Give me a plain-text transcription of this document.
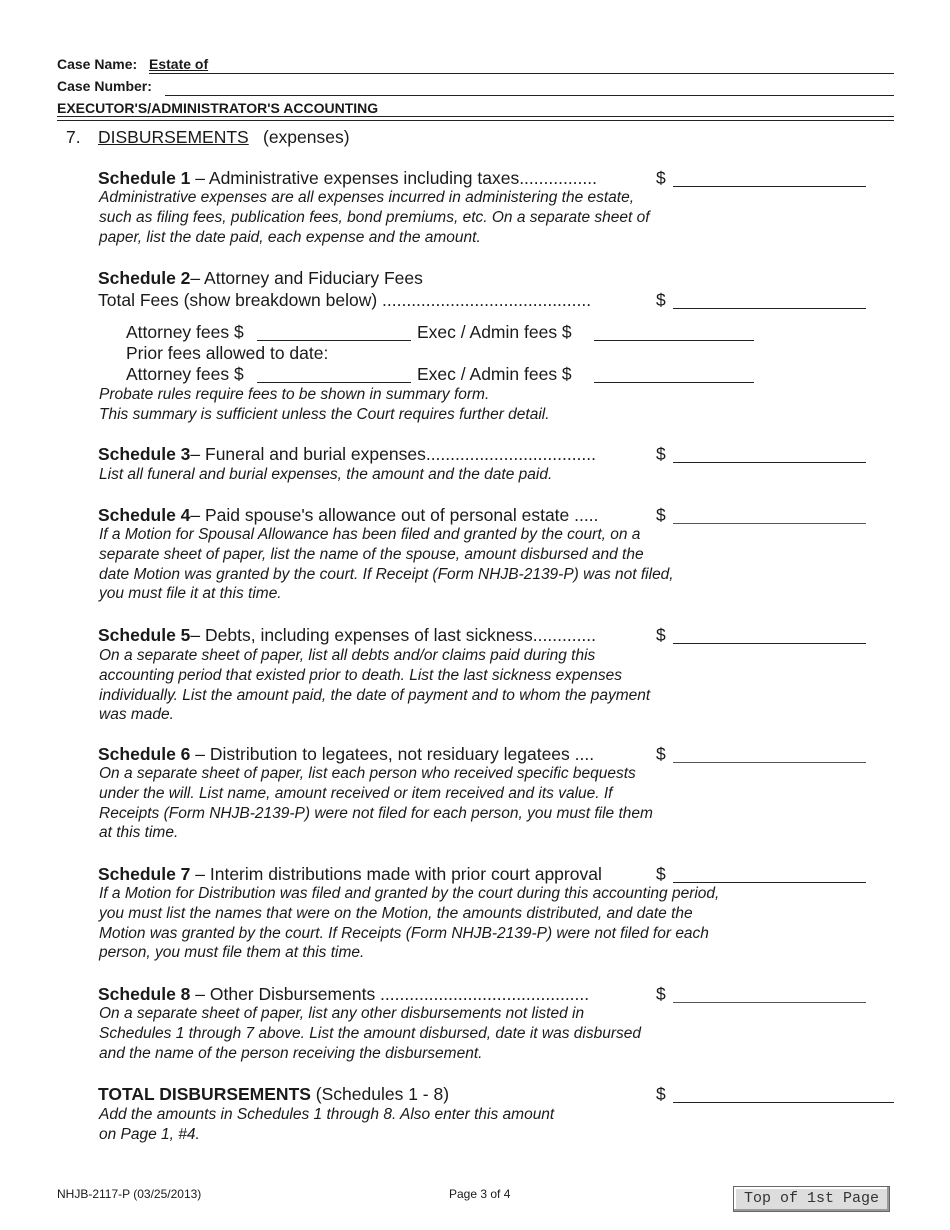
Case Name: Estate of
Case Number:
EXECUTOR'S/ADMINISTRATOR'S ACCOUNTING
7. DISBURSEMENTS (expenses)
Schedule 1 – Administrative expenses including taxes................	$
Administrative expenses are all expenses incurred in administering the estate, such as filing fees, publication fees, bond premiums, etc. On a separate sheet of paper, list the date paid, each expense and the amount.
Schedule 2– Attorney and Fiduciary Fees
Total Fees (show breakdown below) ...........................................	$
Attorney fees $	Exec / Admin fees $
Prior fees allowed to date:
Attorney fees $	Exec / Admin fees $
Probate rules require fees to be shown in summary form.
This summary is sufficient unless the Court requires further detail.
Schedule 3– Funeral and burial expenses...................................	$
List all funeral and burial expenses, the amount and the date paid.
Schedule 4– Paid spouse's allowance out of personal estate .....	$
If a Motion for Spousal Allowance has been filed and granted by the court, on a separate sheet of paper, list the name of the spouse, amount disbursed and the date Motion was granted by the court. If Receipt (Form NHJB-2139-P) was not filed, you must file it at this time.
Schedule 5– Debts, including expenses of last sickness.............	$
On a separate sheet of paper, list all debts and/or claims paid during this accounting period that existed prior to death. List the last sickness expenses individually. List the amount paid, the date of payment and to whom the payment was made.
Schedule 6 – Distribution to legatees, not residuary legatees ....	$
On a separate sheet of paper, list each person who received specific bequests under the will. List name, amount received or item received and its value. If Receipts (Form NHJB-2139-P) were not filed for each person, you must file them at this time.
Schedule 7 – Interim distributions made with prior court approval	$
If a Motion for Distribution was filed and granted by the court during this accounting period, you must list the names that were on the Motion, the amounts distributed, and date the Motion was granted by the court. If Receipts (Form NHJB-2139-P) were not filed for each person, you must file them at this time.
Schedule 8 – Other Disbursements ...........................................	$
On a separate sheet of paper, list any other disbursements not listed in Schedules 1 through 7 above. List the amount disbursed, date it was disbursed and the name of the person receiving the disbursement.
TOTAL DISBURSEMENTS (Schedules 1 - 8)	$
Add the amounts in Schedules 1 through 8. Also enter this amount
on Page 1, #4.
NHJB-2117-P (03/25/2013)	Page 3 of 4	Top of 1st Page
